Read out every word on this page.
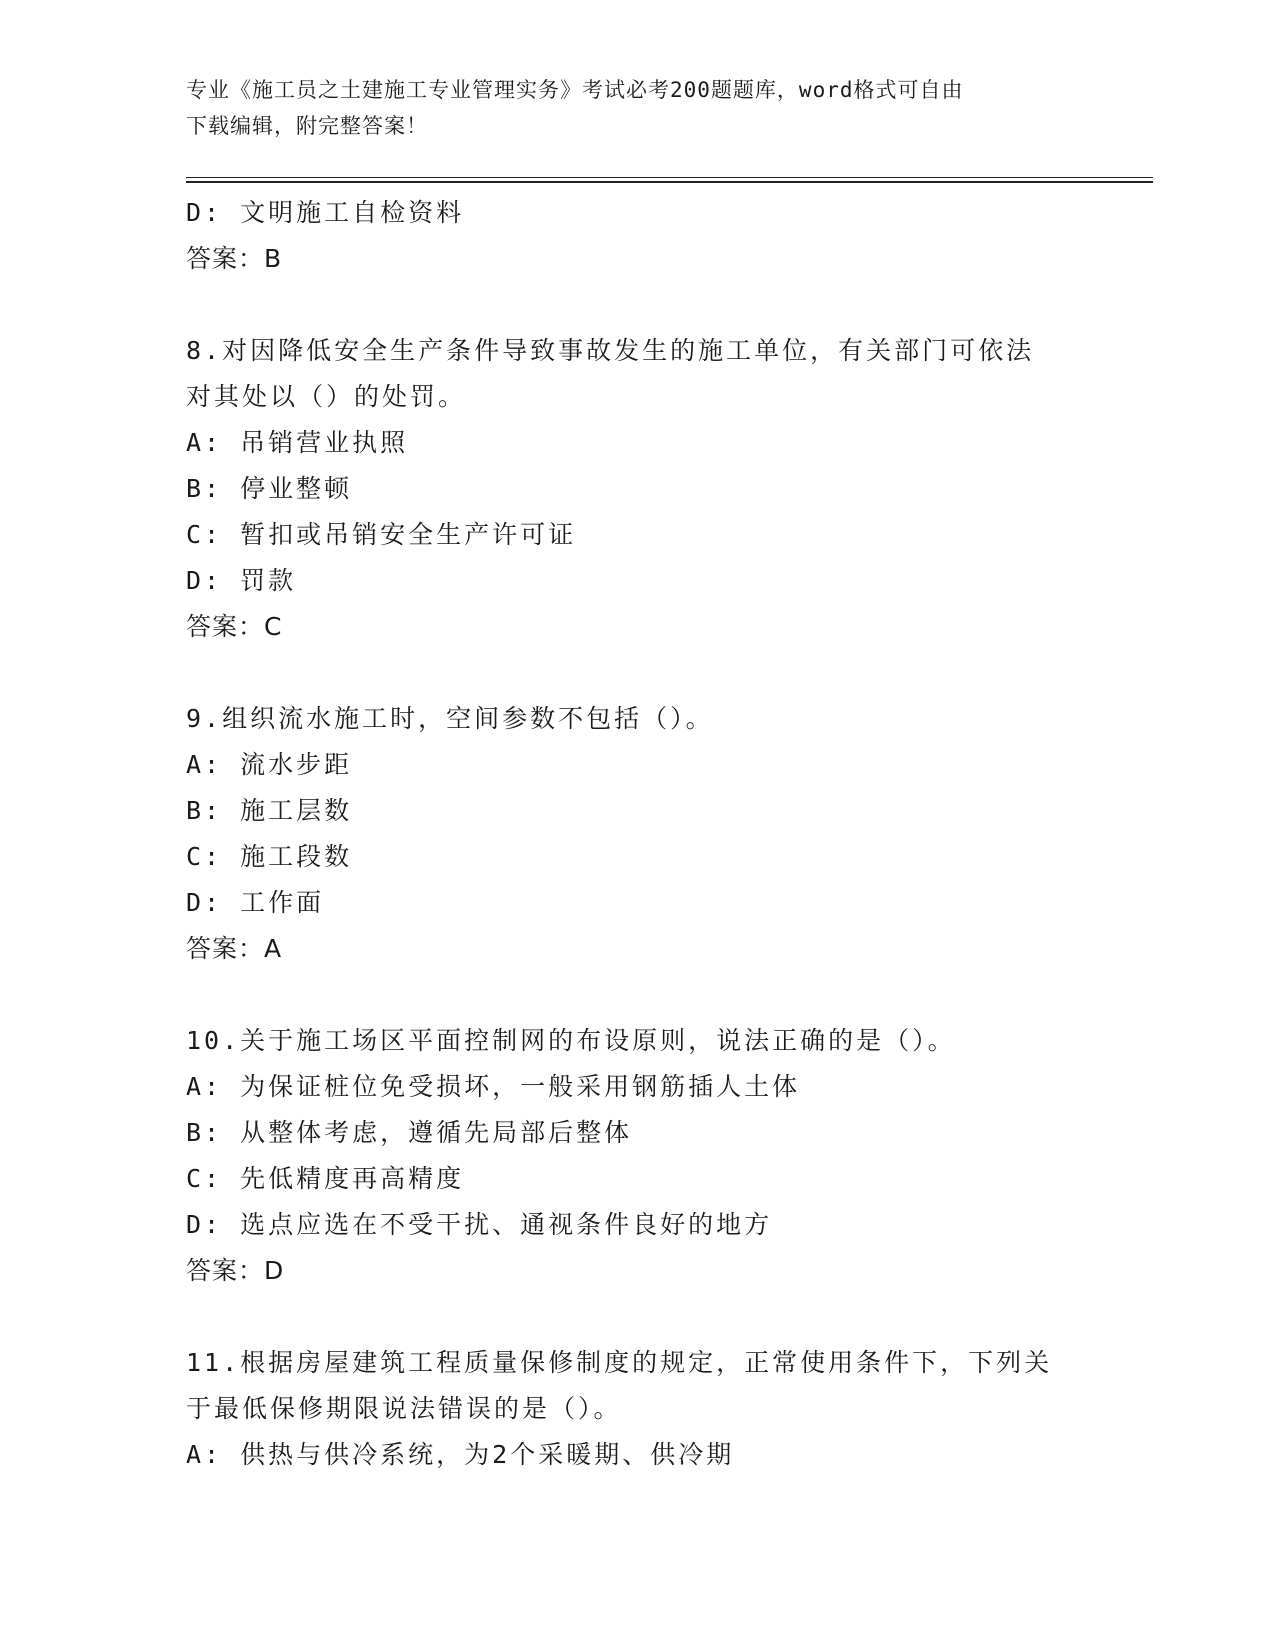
专业《施工员之土建施工专业管理实务》考试必考200题题库，word格式可自由
下载编辑，附完整答案！
D: 文明施工自检资料
答案：B
8.对因降低安全生产条件导致事故发生的施工单位，有关部门可依法
对其处以（）的处罚。
A: 吊销营业执照
B: 停业整顿
C: 暂扣或吊销安全生产许可证
D: 罚款
答案：C
9.组织流水施工时，空间参数不包括（）。
A: 流水步距
B: 施工层数
C: 施工段数
D: 工作面
答案：A
10.关于施工场区平面控制网的布设原则，说法正确的是（）。
A: 为保证桩位免受损坏，一般采用钢筋插人土体
B: 从整体考虑，遵循先局部后整体
C: 先低精度再高精度
D: 选点应选在不受干扰、通视条件良好的地方
答案：D
11.根据房屋建筑工程质量保修制度的规定，正常使用条件下，下列关
于最低保修期限说法错误的是（）。
A: 供热与供冷系统，为2个采暖期、供冷期
